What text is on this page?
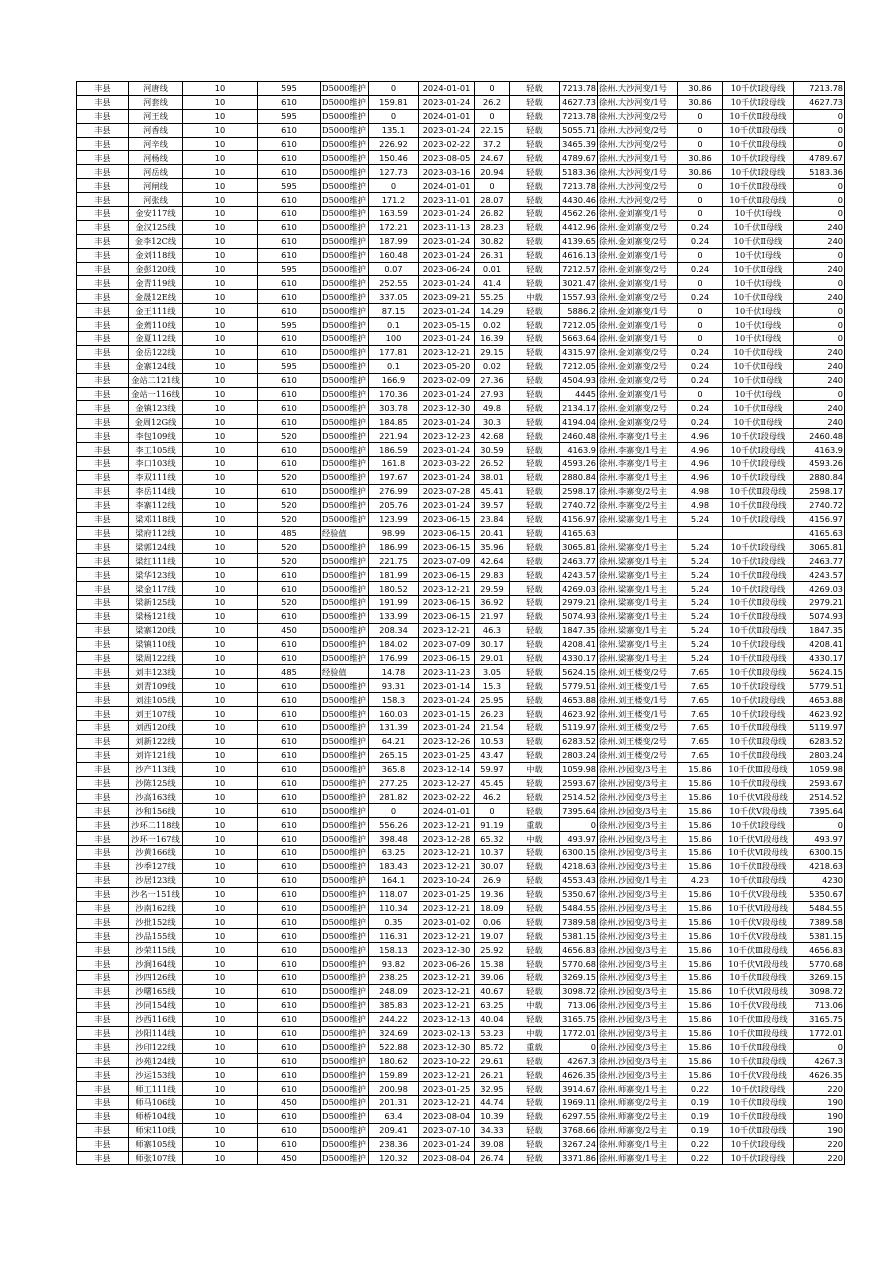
丰县	河唐线	10	595	D5000维护	0	2024-01-01	0	轻载	7213.78	徐州.大沙河变/1号	30.86	10千伏Ⅰ段母线	7213.78
丰县	河套线	10	610	D5000维护	159.81	2023-01-24	26.2	轻载	4627.73	徐州.大沙河变/1号	30.86	10千伏Ⅰ段母线	4627.73
丰县	河王线	10	595	D5000维护	0	2024-01-01	0	轻载	7213.78	徐州.大沙河变/2号	0	10千伏Ⅱ段母线	0
丰县	河香线	10	610	D5000维护	135.1	2023-01-24	22.15	轻载	5055.71	徐州.大沙河变/2号	0	10千伏Ⅱ段母线	0
丰县	河辛线	10	610	D5000维护	226.92	2023-02-22	37.2	轻载	3465.39	徐州.大沙河变/2号	0	10千伏Ⅱ段母线	0
丰县	河杨线	10	610	D5000维护	150.46	2023-08-05	24.67	轻载	4789.67	徐州.大沙河变/1号	30.86	10千伏Ⅰ段母线	4789.67
丰县	河岳线	10	610	D5000维护	127.73	2023-03-16	20.94	轻载	5183.36	徐州.大沙河变/1号	30.86	10千伏Ⅰ段母线	5183.36
丰县	河闸线	10	595	D5000维护	0	2024-01-01	0	轻载	7213.78	徐州.大沙河变/2号	0	10千伏Ⅱ段母线	0
丰县	河张线	10	610	D5000维护	171.2	2023-11-01	28.07	轻载	4430.46	徐州.大沙河变/2号	0	10千伏Ⅱ段母线	0
丰县	金安117线	10	610	D5000维护	163.59	2023-01-24	26.82	轻载	4562.26	徐州.金刘寨变/1号	0	10千伏Ⅰ母线	0
丰县	金汉125线	10	610	D5000维护	172.21	2023-11-13	28.23	轻载	4412.96	徐州.金刘寨变/2号	0.24	10千伏Ⅱ母线	240
丰县	金李12C线	10	610	D5000维护	187.99	2023-01-24	30.82	轻载	4139.65	徐州.金刘寨变/2号	0.24	10千伏Ⅱ母线	240
丰县	金刘118线	10	610	D5000维护	160.48	2023-01-24	26.31	轻载	4616.13	徐州.金刘寨变/1号	0	10千伏Ⅰ母线	0
丰县	金彭120线	10	595	D5000维护	0.07	2023-06-24	0.01	轻载	7212.57	徐州.金刘寨变/2号	0.24	10千伏Ⅱ母线	240
丰县	金青119线	10	610	D5000维护	252.55	2023-01-24	41.4	轻载	3021.47	徐州.金刘寨变/1号	0	10千伏Ⅰ母线	0
丰县	金晟12E线	10	610	D5000维护	337.05	2023-09-21	55.25	中载	1557.93	徐州.金刘寨变/2号	0.24	10千伏Ⅱ母线	240
丰县	金王111线	10	610	D5000维护	87.15	2023-01-24	14.29	轻载	5886.2	徐州.金刘寨变/1号	0	10千伏Ⅰ母线	0
丰县	金蔫110线	10	595	D5000维护	0.1	2023-05-15	0.02	轻载	7212.05	徐州.金刘寨变/1号	0	10千伏Ⅰ母线	0
丰县	金夏112线	10	610	D5000维护	100	2023-01-24	16.39	轻载	5663.64	徐州.金刘寨变/1号	0	10千伏Ⅰ母线	0
丰县	金岳122线	10	610	D5000维护	177.81	2023-12-21	29.15	轻载	4315.97	徐州.金刘寨变/2号	0.24	10千伏Ⅱ母线	240
丰县	金寨124线	10	595	D5000维护	0.1	2023-05-20	0.02	轻载	7212.05	徐州.金刘寨变/2号	0.24	10千伏Ⅱ母线	240
丰县	金站二121线	10	610	D5000维护	166.9	2023-02-09	27.36	轻载	4504.93	徐州.金刘寨变/2号	0.24	10千伏Ⅱ母线	240
丰县	金站一116线	10	610	D5000维护	170.36	2023-01-24	27.93	轻载	4445	徐州.金刘寨变/1号	0	10千伏Ⅰ母线	0
丰县	金镇123线	10	610	D5000维护	303.78	2023-12-30	49.8	轻载	2134.17	徐州.金刘寨变/2号	0.24	10千伏Ⅱ母线	240
丰县	金周12G线	10	610	D5000维护	184.85	2023-01-24	30.3	轻载	4194.04	徐州.金刘寨变/2号	0.24	10千伏Ⅱ母线	240
丰县	李包109线	10	520	D5000维护	221.94	2023-12-23	42.68	轻载	2460.48	徐州.李寨变/1号主	4.96	10千伏Ⅰ段母线	2460.48
丰县	李工105线	10	610	D5000维护	186.59	2023-01-24	30.59	轻载	4163.9	徐州.李寨变/1号主	4.96	10千伏Ⅰ段母线	4163.9
丰县	李口103线	10	610	D5000维护	161.8	2023-03-22	26.52	轻载	4593.26	徐州.李寨变/1号主	4.96	10千伏Ⅰ段母线	4593.26
丰县	李双111线	10	520	D5000维护	197.67	2023-01-24	38.01	轻载	2880.84	徐州.李寨变/1号主	4.96	10千伏Ⅰ段母线	2880.84
丰县	李岳114线	10	610	D5000维护	276.99	2023-07-28	45.41	轻载	2598.17	徐州.李寨变/2号主	4.98	10千伏Ⅱ段母线	2598.17
丰县	李寨112线	10	520	D5000维护	205.76	2023-01-24	39.57	轻载	2740.72	徐州.李寨变/2号主	4.98	10千伏Ⅱ段母线	2740.72
丰县	梁邓118线	10	520	D5000维护	123.99	2023-06-15	23.84	轻载	4156.97	徐州.梁寨变/1号主	5.24	10千伏Ⅰ段母线	4156.97
丰县	梁府112线	10	485	经验值	98.99	2023-06-15	20.41	轻载	4165.63				4165.63
丰县	梁郭124线	10	520	D5000维护	186.99	2023-06-15	35.96	轻载	3065.81	徐州.梁寨变/1号主	5.24	10千伏Ⅰ段母线	3065.81
丰县	梁红111线	10	520	D5000维护	221.75	2023-07-09	42.64	轻载	2463.77	徐州.梁寨变/1号主	5.24	10千伏Ⅰ段母线	2463.77
丰县	梁华123线	10	610	D5000维护	181.99	2023-06-15	29.83	轻载	4243.57	徐州.梁寨变/1号主	5.24	10千伏Ⅱ段母线	4243.57
丰县	梁金117线	10	610	D5000维护	180.52	2023-12-21	29.59	轻载	4269.03	徐州.梁寨变/1号主	5.24	10千伏Ⅰ段母线	4269.03
丰县	梁新125线	10	520	D5000维护	191.99	2023-06-15	36.92	轻载	2979.21	徐州.梁寨变/1号主	5.24	10千伏Ⅱ段母线	2979.21
丰县	梁杨121线	10	610	D5000维护	133.99	2023-06-15	21.97	轻载	5074.93	徐州.梁寨变/1号主	5.24	10千伏Ⅱ段母线	5074.93
丰县	梁寨120线	10	450	D5000维护	208.34	2023-12-21	46.3	轻载	1847.35	徐州.梁寨变/1号主	5.24	10千伏Ⅱ段母线	1847.35
丰县	梁镇110线	10	610	D5000维护	184.02	2023-07-09	30.17	轻载	4208.41	徐州.梁寨变/1号主	5.24	10千伏Ⅰ段母线	4208.41
丰县	梁周122线	10	610	D5000维护	176.99	2023-06-15	29.01	轻载	4330.17	徐州.梁寨变/1号主	5.24	10千伏Ⅱ段母线	4330.17
丰县	刘丰123线	10	485	经验值	14.78	2023-11-23	3.05	轻载	5624.15	徐州.刘王楼变/2号	7.65	10千伏Ⅱ段母线	5624.15
丰县	刘青109线	10	610	D5000维护	93.31	2023-01-14	15.3	轻载	5779.51	徐州.刘王楼变/1号	7.65	10千伏Ⅰ段母线	5779.51
丰县	刘洼105线	10	610	D5000维护	158.3	2023-01-24	25.95	轻载	4653.88	徐州.刘王楼变/1号	7.65	10千伏Ⅰ段母线	4653.88
丰县	刘王107线	10	610	D5000维护	160.03	2023-01-15	26.23	轻载	4623.92	徐州.刘王楼变/1号	7.65	10千伏Ⅰ段母线	4623.92
丰县	刘西120线	10	610	D5000维护	131.39	2023-01-24	21.54	轻载	5119.97	徐州.刘王楼变/2号	7.65	10千伏Ⅱ段母线	5119.97
丰县	刘新122线	10	610	D5000维护	64.21	2023-12-26	10.53	轻载	6283.52	徐州.刘王楼变/2号	7.65	10千伏Ⅱ段母线	6283.52
丰县	刘许121线	10	610	D5000维护	265.15	2023-01-25	43.47	轻载	2803.24	徐州.刘王楼变/2号	7.65	10千伏Ⅱ段母线	2803.24
丰县	沙产113线	10	610	D5000维护	365.8	2023-12-14	59.97	中载	1059.98	徐州.沙园变/3号主	15.86	10千伏Ⅲ段母线	1059.98
丰县	沙陈125线	10	610	D5000维护	277.25	2023-12-27	45.45	轻载	2593.67	徐州.沙园变/3号主	15.86	10千伏Ⅱ段母线	2593.67
丰县	沙高163线	10	610	D5000维护	281.82	2023-02-22	46.2	轻载	2514.52	徐州.沙园变/3号主	15.86	10千伏Ⅵ段母线	2514.52
丰县	沙和156线	10	610	D5000维护	0	2024-01-01	0	轻载	7395.64	徐州.沙园变/3号主	15.86	10千伏Ⅴ段母线	7395.64
丰县	沙环二118线	10	610	D5000维护	556.26	2023-12-21	91.19	重载	0	徐州.沙园变/3号主	15.86	10千伏Ⅰ段母线	0
丰县	沙环一167线	10	610	D5000维护	398.48	2023-12-28	65.32	中载	493.97	徐州.沙园变/3号主	15.86	10千伏Ⅵ段母线	493.97
丰县	沙黄166线	10	610	D5000维护	63.25	2023-12-21	10.37	轻载	6300.15	徐州.沙园变/3号主	15.86	10千伏Ⅵ段母线	6300.15
丰县	沙季127线	10	610	D5000维护	183.43	2023-12-21	30.07	轻载	4218.63	徐州.沙园变/3号主	15.86	10千伏Ⅱ段母线	4218.63
丰县	沙居123线	10	610	D5000维护	164.1	2023-10-24	26.9	轻载	4553.43	徐州.沙园变/1号主	4.23	10千伏Ⅱ段母线	4230
丰县	沙名一151线	10	610	D5000维护	118.07	2023-01-25	19.36	轻载	5350.67	徐州.沙园变/3号主	15.86	10千伏Ⅴ段母线	5350.67
丰县	沙南162线	10	610	D5000维护	110.34	2023-12-21	18.09	轻载	5484.55	徐州.沙园变/3号主	15.86	10千伏Ⅵ段母线	5484.55
丰县	沙批152线	10	610	D5000维护	0.35	2023-01-02	0.06	轻载	7389.58	徐州.沙园变/3号主	15.86	10千伏Ⅴ段母线	7389.58
丰县	沙品155线	10	610	D5000维护	116.31	2023-12-21	19.07	轻载	5381.15	徐州.沙园变/3号主	15.86	10千伏Ⅴ段母线	5381.15
丰县	沙荣115线	10	610	D5000维护	158.13	2023-12-30	25.92	轻载	4656.83	徐州.沙园变/3号主	15.86	10千伏Ⅲ段母线	4656.83
丰县	沙涧164线	10	610	D5000维护	93.82	2023-06-26	15.38	轻载	5770.68	徐州.沙园变/3号主	15.86	10千伏Ⅵ段母线	5770.68
丰县	沙四126线	10	610	D5000维护	238.25	2023-12-21	39.06	轻载	3269.15	徐州.沙园变/3号主	15.86	10千伏Ⅱ段母线	3269.15
丰县	沙曙165线	10	610	D5000维护	248.09	2023-12-21	40.67	轻载	3098.72	徐州.沙园变/3号主	15.86	10千伏Ⅵ段母线	3098.72
丰县	沙同154线	10	610	D5000维护	385.83	2023-12-21	63.25	中载	713.06	徐州.沙园变/3号主	15.86	10千伏Ⅴ段母线	713.06
丰县	沙西116线	10	610	D5000维护	244.22	2023-12-13	40.04	轻载	3165.75	徐州.沙园变/3号主	15.86	10千伏Ⅲ段母线	3165.75
丰县	沙阳114线	10	610	D5000维护	324.69	2023-02-13	53.23	中载	1772.01	徐州.沙园变/3号主	15.86	10千伏Ⅲ段母线	1772.01
丰县	沙印122线	10	610	D5000维护	522.88	2023-12-30	85.72	重载	0	徐州.沙园变/3号主	15.86	10千伏Ⅱ段母线	0
丰县	沙苑124线	10	610	D5000维护	180.62	2023-10-22	29.61	轻载	4267.3	徐州.沙园变/3号主	15.86	10千伏Ⅱ段母线	4267.3
丰县	沙运153线	10	610	D5000维护	159.89	2023-12-21	26.21	轻载	4626.35	徐州.沙园变/3号主	15.86	10千伏Ⅴ段母线	4626.35
丰县	师工111线	10	610	D5000维护	200.98	2023-01-25	32.95	轻载	3914.67	徐州.师寨变/1号主	0.22	10千伏Ⅰ段母线	220
丰县	师马106线	10	450	D5000维护	201.31	2023-12-21	44.74	轻载	1969.11	徐州.师寨变/2号主	0.19	10千伏Ⅱ段母线	190
丰县	师桥104线	10	610	D5000维护	63.4	2023-08-04	10.39	轻载	6297.55	徐州.师寨变/2号主	0.19	10千伏Ⅱ段母线	190
丰县	师宋110线	10	610	D5000维护	209.41	2023-07-10	34.33	轻载	3768.66	徐州.师寨变/2号主	0.19	10千伏Ⅱ段母线	190
丰县	师寨105线	10	610	D5000维护	238.36	2023-01-24	39.08	轻载	3267.24	徐州.师寨变/1号主	0.22	10千伏Ⅰ段母线	220
丰县	师张107线	10	450	D5000维护	120.32	2023-08-04	26.74	轻载	3371.86	徐州.师寨变/1号主	0.22	10千伏Ⅰ段母线	220
